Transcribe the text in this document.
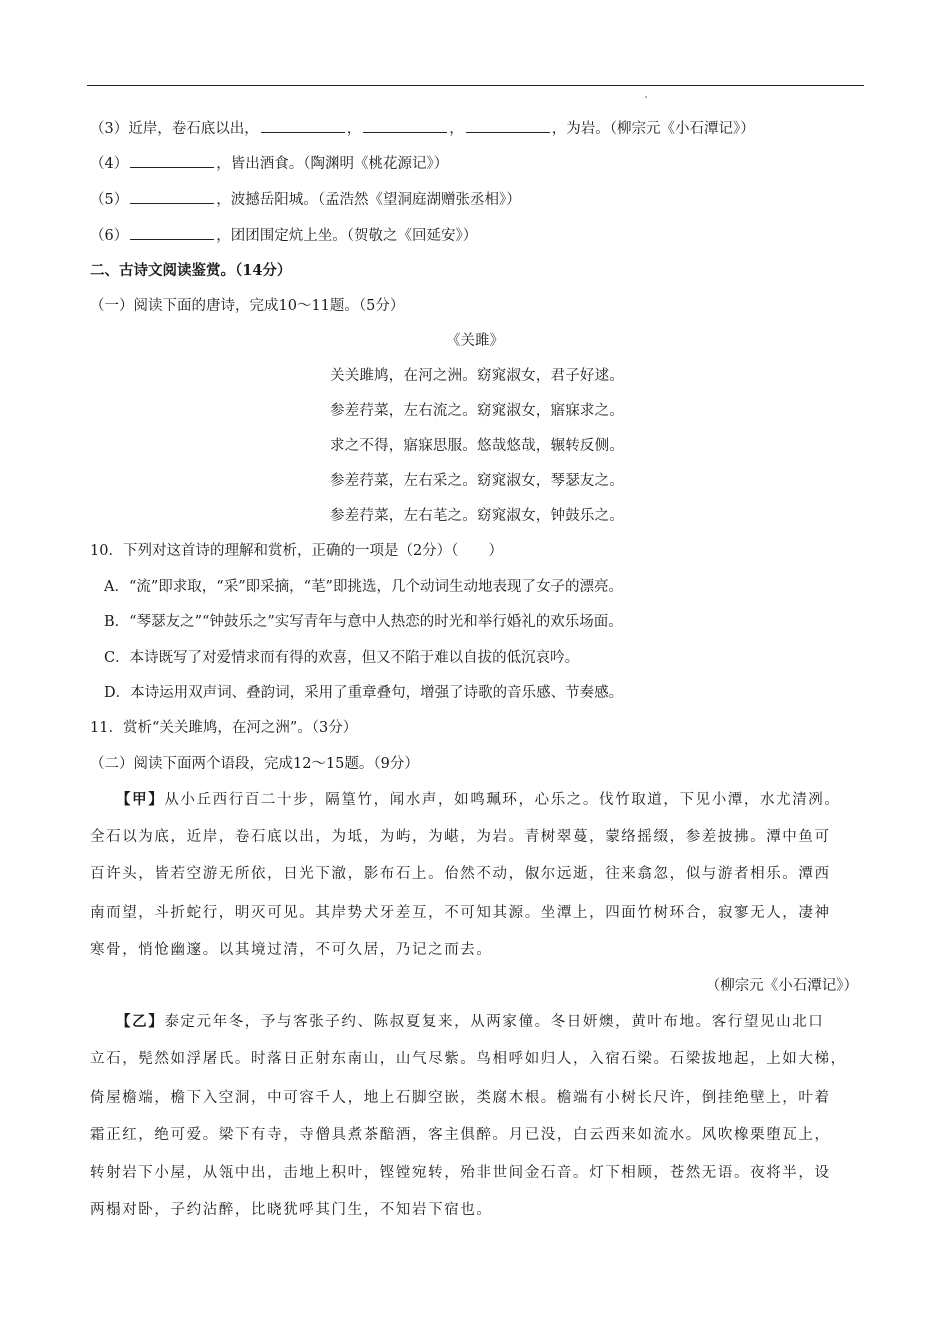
（3）近岸，卷石底以出，	，	，	，为岩。（柳宗元《小石潭记》）
（4）	，皆出酒食。（陶渊明《桃花源记》）
（5）	，波撼岳阳城。（孟浩然《望洞庭湖赠张丞相》）
（6）	，团团围定炕上坐。（贺敬之《回延安》）
二、古诗文阅读鉴赏。（14分）
（一）阅读下面的唐诗，完成10～11题。（5分）
《关雎》
关关雎鸠，在河之洲。窈窕淑女，君子好逑。
参差荇菜，左右流之。窈窕淑女，寤寐求之。
求之不得，寤寐思服。悠哉悠哉，辗转反侧。
参差荇菜，左右采之。窈窕淑女，琴瑟友之。
参差荇菜，左右芼之。窈窕淑女，钟鼓乐之。
10．下列对这首诗的理解和赏析，正确的一项是（2分）（ ）
A．“流”即求取，“采”即采摘，“芼”即挑选，几个动词生动地表现了女子的漂亮。
B．“琴瑟友之”“钟鼓乐之”实写青年与意中人热恋的时光和举行婚礼的欢乐场面。
C．本诗既写了对爱情求而有得的欢喜，但又不陷于难以自拔的低沉哀吟。
D．本诗运用双声词、叠韵词，采用了重章叠句，增强了诗歌的音乐感、节奏感。
11．赏析“关关雎鸠，在河之洲”。（3分）
（二）阅读下面两个语段，完成12～15题。（9分）
【甲】从小丘西行百二十步，隔篁竹，闻水声，如鸣珮环，心乐之。伐竹取道，下见小潭，水尤清冽。
全石以为底，近岸，卷石底以出，为坻，为屿，为嵁，为岩。青树翠蔓，蒙络摇缀，参差披拂。潭中鱼可
百许头，皆若空游无所依，日光下澈，影布石上。佁然不动，俶尔远逝，往来翕忽，似与游者相乐。潭西
南而望，斗折蛇行，明灭可见。其岸势犬牙差互，不可知其源。坐潭上，四面竹树环合，寂寥无人，凄神
寒骨，悄怆幽邃。以其境过清，不可久居，乃记之而去。
（柳宗元《小石潭记》）
【乙】泰定元年冬，予与客张子约、陈叔夏复来，从两家僮。冬日妍燠，黄叶布地。客行望见山北口
立石，髡然如浮屠氏。时落日正射东南山，山气尽紫。鸟相呼如归人，入宿石梁。石梁拔地起，上如大梯，
倚屋檐端，檐下入空洞，中可容千人，地上石脚空嵌，类腐木根。檐端有小树长尺许，倒挂绝壁上，叶着
霜正红，绝可爱。梁下有寺，寺僧具煮茶醅酒，客主俱醉。月已没，白云西来如流水。风吹橡栗堕瓦上，
转射岩下小屋，从瓴中出，击地上积叶，铿镗宛转，殆非世间金石音。灯下相顾，苍然无语。夜将半，设
两榻对卧，子约沾醉，比晓犹呼其门生，不知岩下宿也。
